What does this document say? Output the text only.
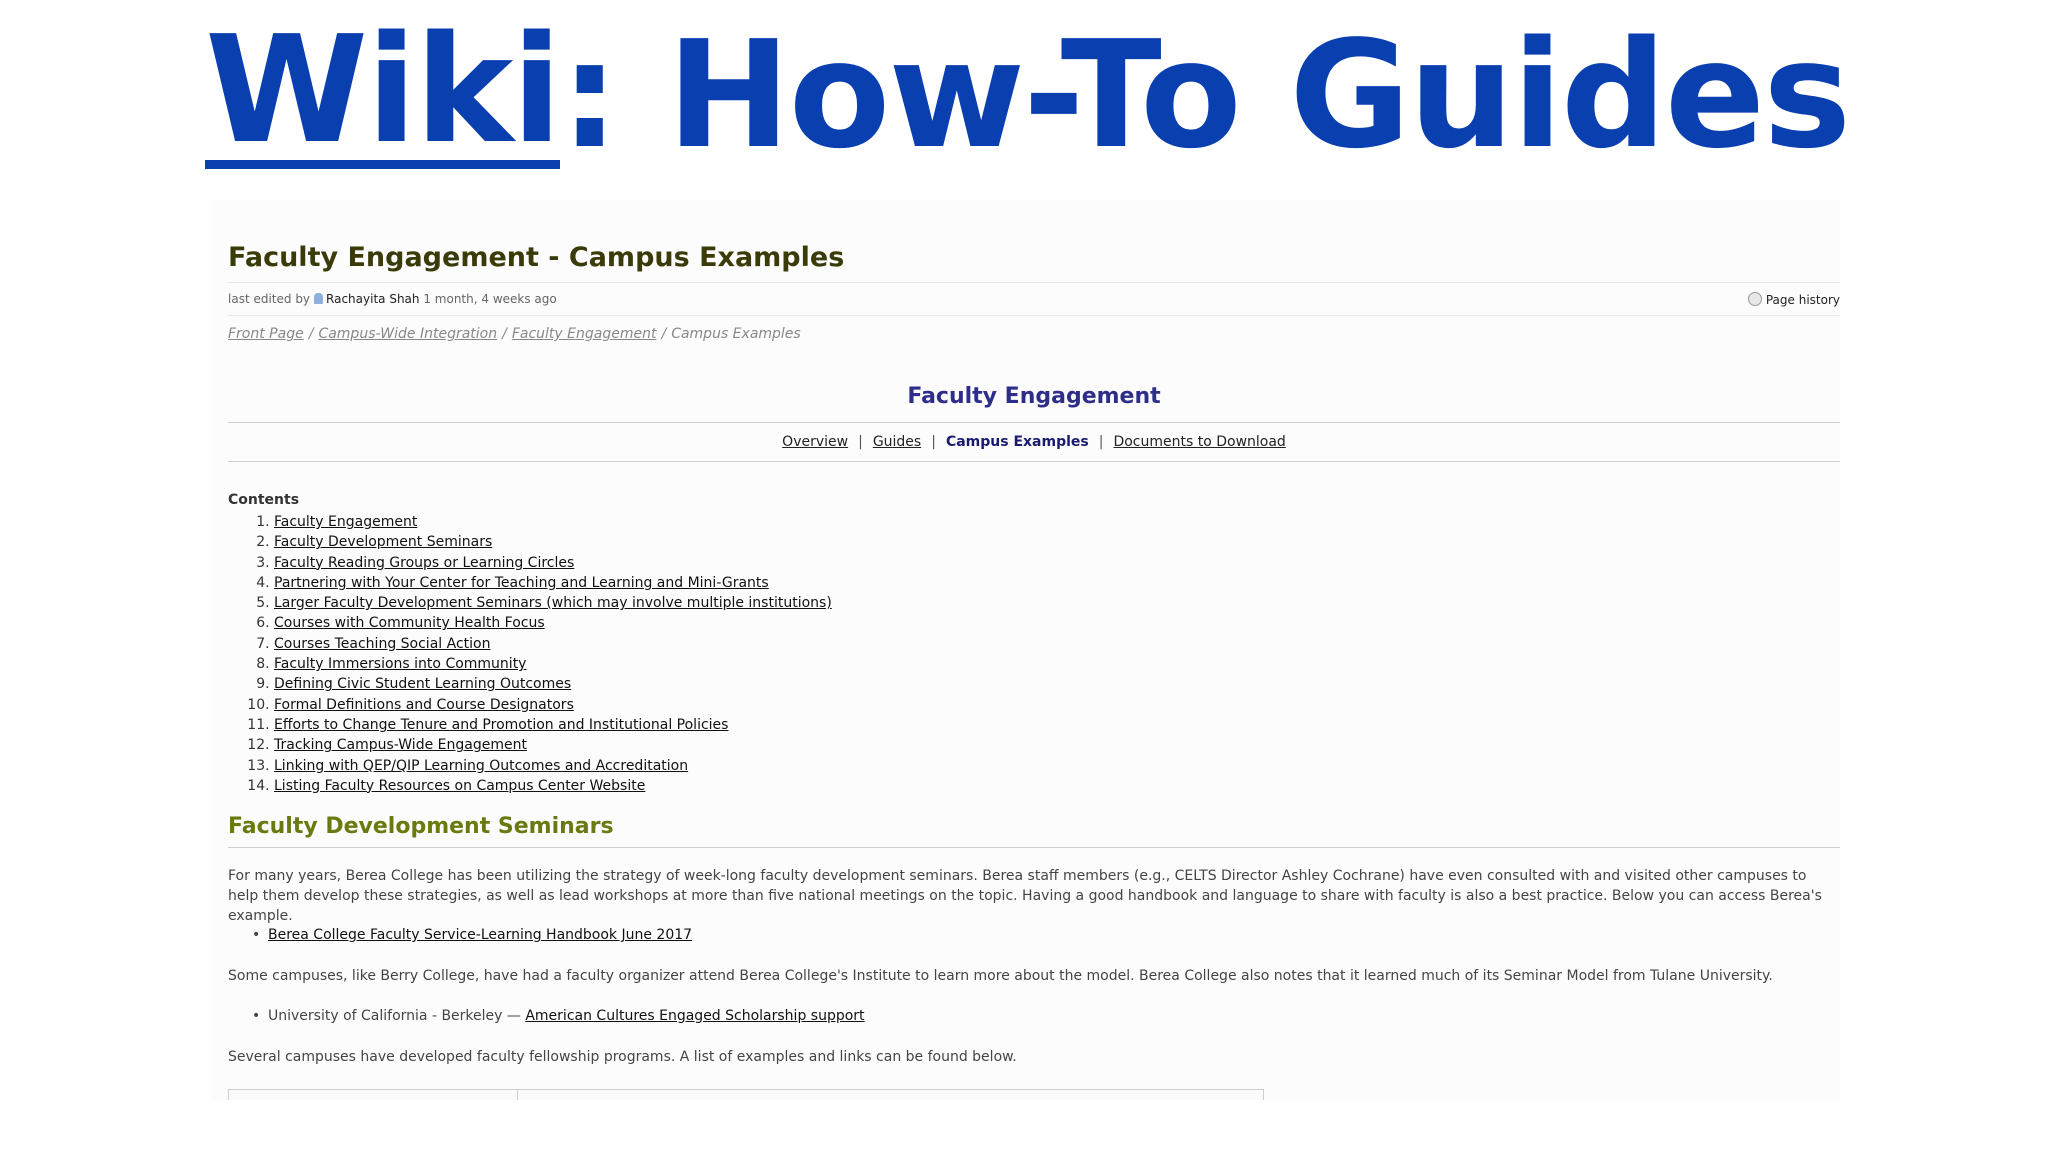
Wiki : How-To Guides
Faculty Engagement - Campus Examples
last edited by Rachayita Shah 1 month, 4 weeks ago	Page history
Front Page / Campus-Wide Integration / Faculty Engagement / Campus Examples
Faculty Engagement
Overview | Guides | Campus Examples | Documents to Download
Contents
1. Faculty Engagement
2. Faculty Development Seminars
3. Faculty Reading Groups or Learning Circles
4. Partnering with Your Center for Teaching and Learning and Mini-Grants
5. Larger Faculty Development Seminars (which may involve multiple institutions)
6. Courses with Community Health Focus
7. Courses Teaching Social Action
8. Faculty Immersions into Community
9. Defining Civic Student Learning Outcomes
10. Formal Definitions and Course Designators
11. Efforts to Change Tenure and Promotion and Institutional Policies
12. Tracking Campus-Wide Engagement
13. Linking with QEP/QIP Learning Outcomes and Accreditation
14. Listing Faculty Resources on Campus Center Website
Faculty Development Seminars

For many years, Berea College has been utilizing the strategy of week-long faculty development seminars. Berea staff members (e.g., CELTS Director Ashley Cochrane) have even consulted with and visited other campuses to help them develop these strategies, as well as lead workshops at more than five national meetings on the topic. Having a good handbook and language to share with faculty is also a best practice. Below you can access Berea's example.

• Berea College Faculty Service-Learning Handbook June 2017

Some campuses, like Berry College, have had a faculty organizer attend Berea College's Institute to learn more about the model. Berea College also notes that it learned much of its Seminar Model from Tulane University.

• University of California - Berkeley — American Cultures Engaged Scholarship support

Several campuses have developed faculty fellowship programs. A list of examples and links can be found below.
